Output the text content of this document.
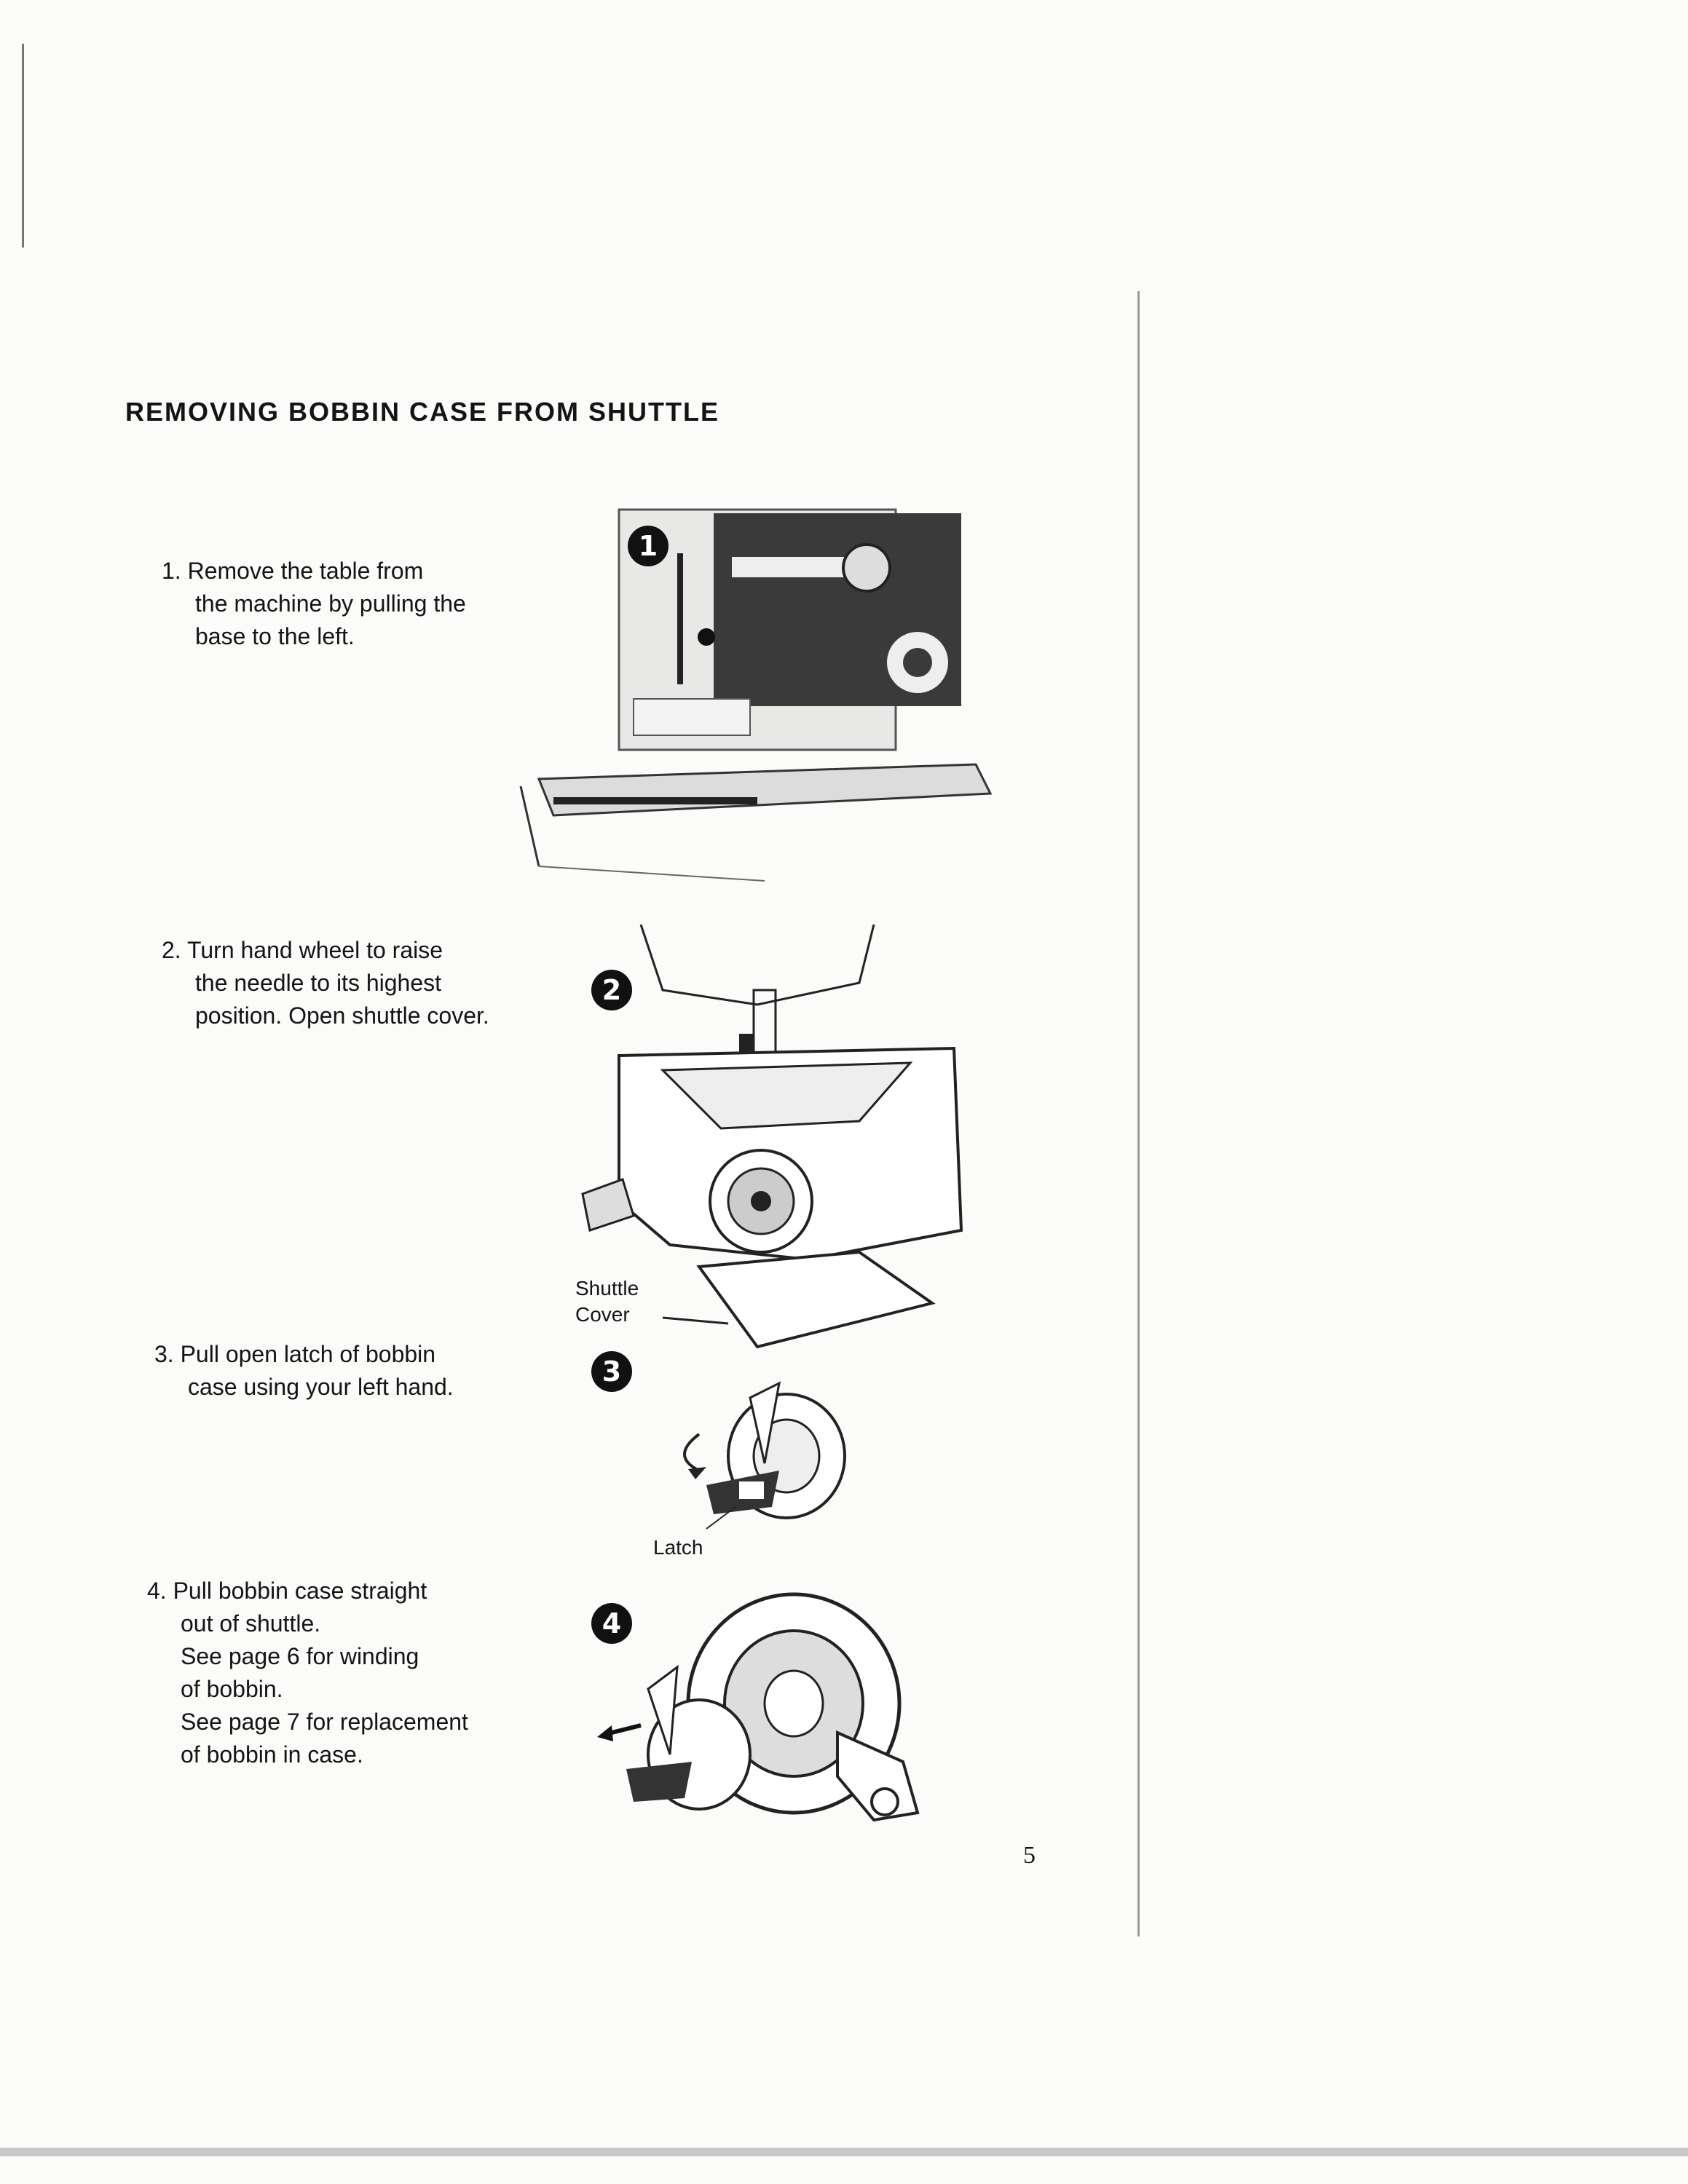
REMOVING BOBBIN CASE FROM SHUTTLE
1. Remove the table from
the machine by pulling the
base to the left.
2. Turn hand wheel to raise
the needle to its highest
position. Open shuttle cover.
3. Pull open latch of bobbin
case using your left hand.
4. Pull bobbin case straight
out of shuttle.
See page 6 for winding
of bobbin.
See page 7 for replacement
of bobbin in case.
1
2
Shuttle
Cover
3
Latch
4
5
